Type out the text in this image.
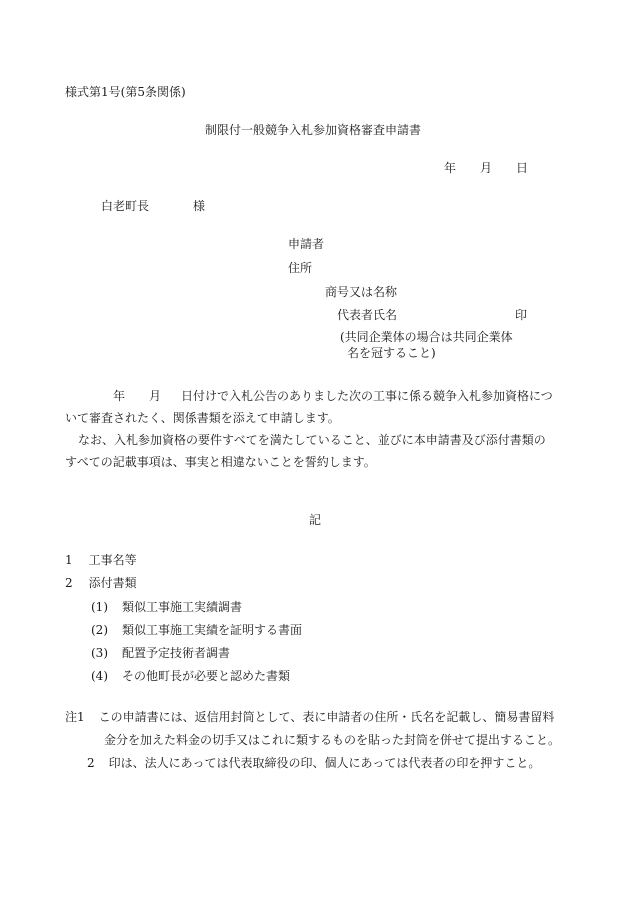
様式第1号(第5条関係)
制限付一般競争入札参加資格審査申請書
年 月 日
白老町長	様
申請者
住所
商号又は名称
代表者氏名	印
(共同企業体の場合は共同企業体
名を冠すること)
年 月 日付けで入札公告のありました次の工事に係る競争入札参加資格につ
いて審査されたく、関係書類を添えて申請します。
なお、入札参加資格の要件すべてを満たしていること、並びに本申請書及び添付書類の
すべての記載事項は、事実と相違ないことを誓約します。
記
1 工事名等
2 添付書類
(1) 類似工事施工実績調書
(2) 類似工事施工実績を証明する書面
(3) 配置予定技術者調書
(4) その他町長が必要と認めた書類
注1 この申請書には、返信用封筒として、表に申請者の住所・氏名を記載し、簡易書留料
金分を加えた料金の切手又はこれに類するものを貼った封筒を併せて提出すること。
2 印は、法人にあっては代表取締役の印、個人にあっては代表者の印を押すこと。
